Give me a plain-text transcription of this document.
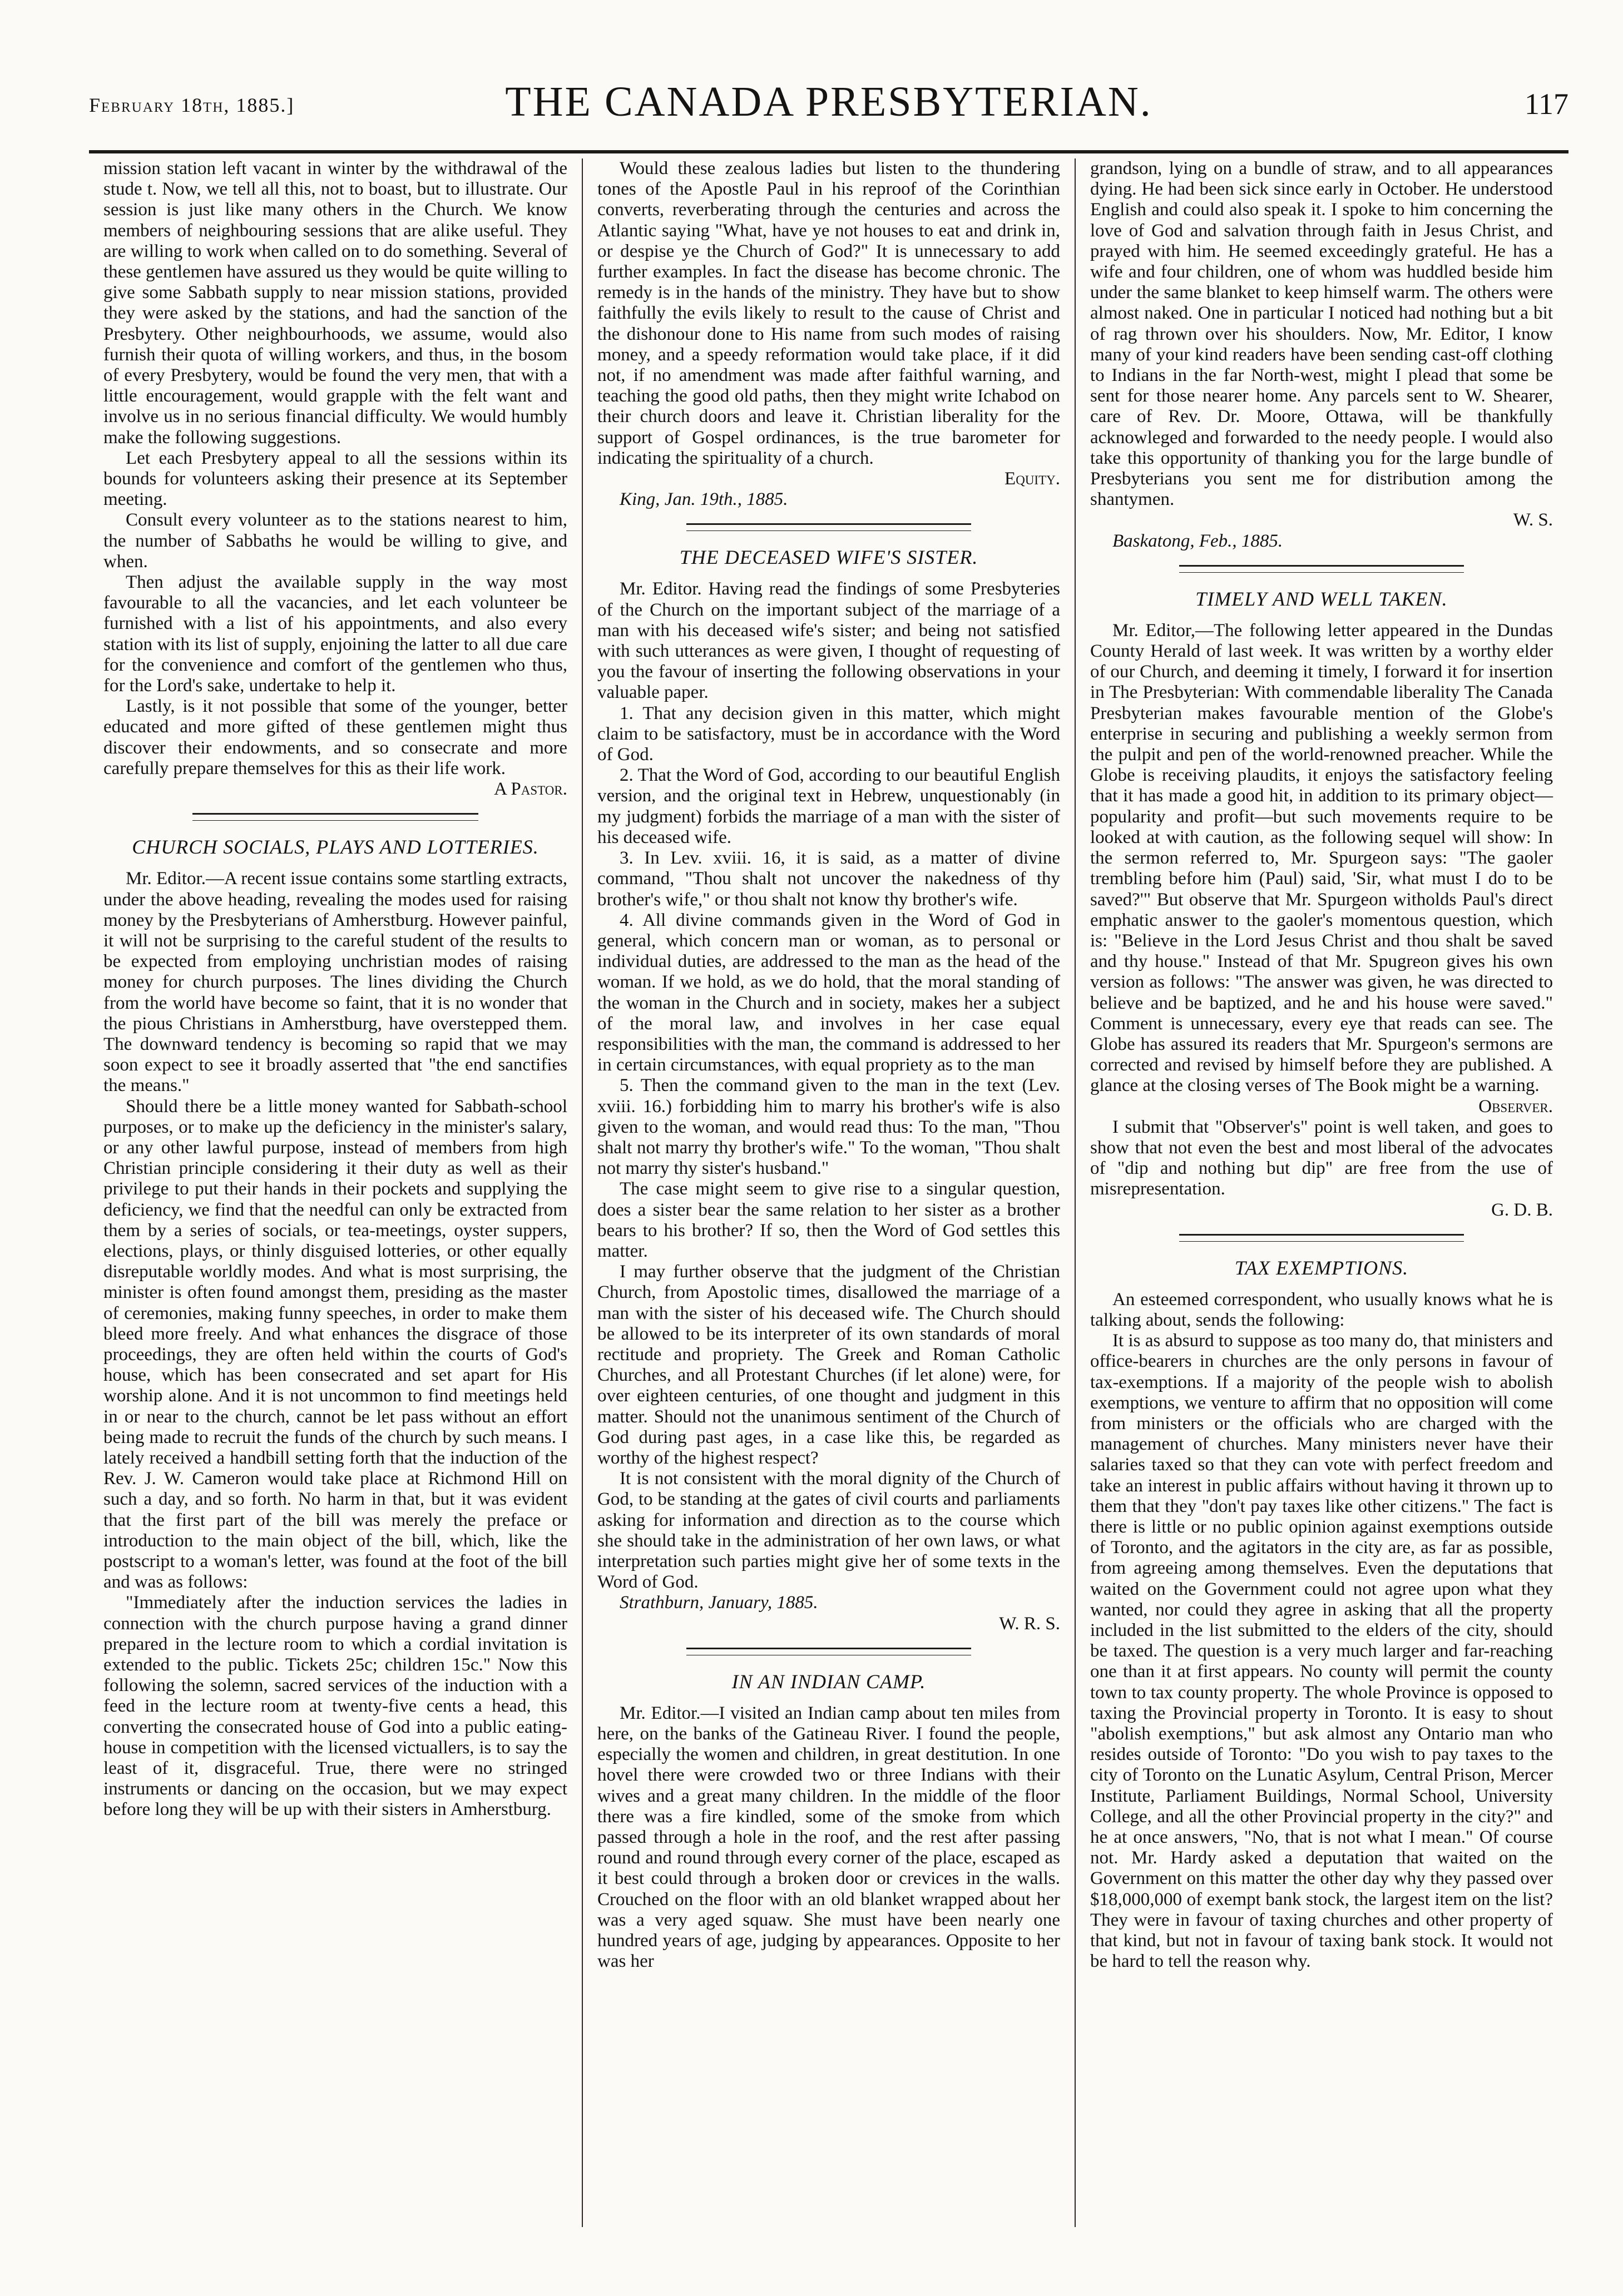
February 18th, 1885.]	THE CANADA PRESBYTERIAN.	117

mission station left vacant in winter by the withdrawal of the stude t. Now, we tell all this, not to boast, but to illustrate. Our session is just like many others in the Church. We know members of neighbouring sessions that are alike useful. They are willing to work when called on to do something. Several of these gentlemen have assured us they would be quite willing to give some Sabbath supply to near mission stations, provided they were asked by the stations, and had the sanction of the Presbytery. Other neighbourhoods, we assume, would also furnish their quota of willing workers, and thus, in the bosom of every Presbytery, would be found the very men, that with a little encouragement, would grapple with the felt want and involve us in no serious financial difficulty. We would humbly make the following suggestions.

Let each Presbytery appeal to all the sessions within its bounds for volunteers asking their presence at its September meeting.

Consult every volunteer as to the stations nearest to him, the number of Sabbaths he would be willing to give, and when.

Then adjust the available supply in the way most favourable to all the vacancies, and let each volunteer be furnished with a list of his appointments, and also every station with its list of supply, enjoining the latter to all due care for the convenience and comfort of the gentlemen who thus, for the Lord's sake, undertake to help it.

Lastly, is it not possible that some of the younger, better educated and more gifted of these gentlemen might thus discover their endowments, and so consecrate and more carefully prepare themselves for this as their life work.

A Pastor.

CHURCH SOCIALS, PLAYS AND LOTTERIES.

Mr. Editor.—A recent issue contains some startling extracts, under the above heading, revealing the modes used for raising money by the Presbyterians of Amherstburg. However painful, it will not be surprising to the careful student of the results to be expected from employing unchristian modes of raising money for church purposes. The lines dividing the Church from the world have become so faint, that it is no wonder that the pious Christians in Amherstburg, have overstepped them. The downward tendency is becoming so rapid that we may soon expect to see it broadly asserted that "the end sanctifies the means."

Should there be a little money wanted for Sabbath-school purposes, or to make up the deficiency in the minister's salary, or any other lawful purpose, instead of members from high Christian principle considering it their duty as well as their privilege to put their hands in their pockets and supplying the deficiency, we find that the needful can only be extracted from them by a series of socials, or tea-meetings, oyster suppers, elections, plays, or thinly disguised lotteries, or other equally disreputable worldly modes. And what is most surprising, the minister is often found amongst them, presiding as the master of ceremonies, making funny speeches, in order to make them bleed more freely. And what enhances the disgrace of those proceedings, they are often held within the courts of God's house, which has been consecrated and set apart for His worship alone. And it is not uncommon to find meetings held in or near to the church, cannot be let pass without an effort being made to recruit the funds of the church by such means. I lately received a handbill setting forth that the induction of the Rev. J. W. Cameron would take place at Richmond Hill on such a day, and so forth. No harm in that, but it was evident that the first part of the bill was merely the preface or introduction to the main object of the bill, which, like the postscript to a woman's letter, was found at the foot of the bill and was as follows:

"Immediately after the induction services the ladies in connection with the church purpose having a grand dinner prepared in the lecture room to which a cordial invitation is extended to the public. Tickets 25c; children 15c." Now this following the solemn, sacred services of the induction with a feed in the lecture room at twenty-five cents a head, this converting the consecrated house of God into a public eating-house in competition with the licensed victuallers, is to say the least of it, disgraceful. True, there were no stringed instruments or dancing on the occasion, but we may expect before long they will be up with their sisters in Amherstburg.

Would these zealous ladies but listen to the thundering tones of the Apostle Paul in his reproof of the Corinthian converts, reverberating through the centuries and across the Atlantic saying "What, have ye not houses to eat and drink in, or despise ye the Church of God?" It is unnecessary to add further examples. In fact the disease has become chronic. The remedy is in the hands of the ministry. They have but to show faithfully the evils likely to result to the cause of Christ and the dishonour done to His name from such modes of raising money, and a speedy reformation would take place, if it did not, if no amendment was made after faithful warning, and teaching the good old paths, then they might write Ichabod on their church doors and leave it. Christian liberality for the support of Gospel ordinances, is the true barometer for indicating the spirituality of a church.

Equity.

King, Jan. 19th., 1885.

THE DECEASED WIFE'S SISTER.

Mr. Editor. Having read the findings of some Presbyteries of the Church on the important subject of the marriage of a man with his deceased wife's sister; and being not satisfied with such utterances as were given, I thought of requesting of you the favour of inserting the following observations in your valuable paper.

1. That any decision given in this matter, which might claim to be satisfactory, must be in accordance with the Word of God.

2. That the Word of God, according to our beautiful English version, and the original text in Hebrew, unquestionably (in my judgment) forbids the marriage of a man with the sister of his deceased wife.

3. In Lev. xviii. 16, it is said, as a matter of divine command, "Thou shalt not uncover the nakedness of thy brother's wife," or thou shalt not know thy brother's wife.

4. All divine commands given in the Word of God in general, which concern man or woman, as to personal or individual duties, are addressed to the man as the head of the woman. If we hold, as we do hold, that the moral standing of the woman in the Church and in society, makes her a subject of the moral law, and involves in her case equal responsibilities with the man, the command is addressed to her in certain circumstances, with equal propriety as to the man

5. Then the command given to the man in the text (Lev. xviii. 16.) forbidding him to marry his brother's wife is also given to the woman, and would read thus: To the man, "Thou shalt not marry thy brother's wife." To the woman, "Thou shalt not marry thy sister's husband."

The case might seem to give rise to a singular question, does a sister bear the same relation to her sister as a brother bears to his brother? If so, then the Word of God settles this matter.

I may further observe that the judgment of the Christian Church, from Apostolic times, disallowed the marriage of a man with the sister of his deceased wife. The Church should be allowed to be its interpreter of its own standards of moral rectitude and propriety. The Greek and Roman Catholic Churches, and all Protestant Churches (if let alone) were, for over eighteen centuries, of one thought and judgment in this matter. Should not the unanimous sentiment of the Church of God during past ages, in a case like this, be regarded as worthy of the highest respect?

It is not consistent with the moral dignity of the Church of God, to be standing at the gates of civil courts and parliaments asking for information and direction as to the course which she should take in the administration of her own laws, or what interpretation such parties might give her of some texts in the Word of God.

Strathburn, January, 1885.

W. R. S.

IN AN INDIAN CAMP.

Mr. Editor.—I visited an Indian camp about ten miles from here, on the banks of the Gatineau River. I found the people, especially the women and children, in great destitution. In one hovel there were crowded two or three Indians with their wives and a great many children. In the middle of the floor there was a fire kindled, some of the smoke from which passed through a hole in the roof, and the rest after passing round and round through every corner of the place, escaped as it best could through a broken door or crevices in the walls. Crouched on the floor with an old blanket wrapped about her was a very aged squaw. She must have been nearly one hundred years of age, judging by appearances. Opposite to her was her

grandson, lying on a bundle of straw, and to all appearances dying. He had been sick since early in October. He understood English and could also speak it. I spoke to him concerning the love of God and salvation through faith in Jesus Christ, and prayed with him. He seemed exceedingly grateful. He has a wife and four children, one of whom was huddled beside him under the same blanket to keep himself warm. The others were almost naked. One in particular I noticed had nothing but a bit of rag thrown over his shoulders. Now, Mr. Editor, I know many of your kind readers have been sending cast-off clothing to Indians in the far North-west, might I plead that some be sent for those nearer home. Any parcels sent to W. Shearer, care of Rev. Dr. Moore, Ottawa, will be thankfully acknowleged and forwarded to the needy people. I would also take this opportunity of thanking you for the large bundle of Presbyterians you sent me for distribution among the shantymen.

W. S.

Baskatong, Feb., 1885.

TIMELY AND WELL TAKEN.

Mr. Editor,—The following letter appeared in the Dundas County Herald of last week. It was written by a worthy elder of our Church, and deeming it timely, I forward it for insertion in The Presbyterian: With commendable liberality The Canada Presbyterian makes favourable mention of the Globe's enterprise in securing and publishing a weekly sermon from the pulpit and pen of the world-renowned preacher. While the Globe is receiving plaudits, it enjoys the satisfactory feeling that it has made a good hit, in addition to its primary object—popularity and profit—but such movements require to be looked at with caution, as the following sequel will show: In the sermon referred to, Mr. Spurgeon says: "The gaoler trembling before him (Paul) said, 'Sir, what must I do to be saved?'" But observe that Mr. Spurgeon witholds Paul's direct emphatic answer to the gaoler's momentous question, which is: "Believe in the Lord Jesus Christ and thou shalt be saved and thy house." Instead of that Mr. Spugreon gives his own version as follows: "The answer was given, he was directed to believe and be baptized, and he and his house were saved." Comment is unnecessary, every eye that reads can see. The Globe has assured its readers that Mr. Spurgeon's sermons are corrected and revised by himself before they are published. A glance at the closing verses of The Book might be a warning.

Observer.

I submit that "Observer's" point is well taken, and goes to show that not even the best and most liberal of the advocates of "dip and nothing but dip" are free from the use of misrepresentation.

G. D. B.

TAX EXEMPTIONS.

An esteemed correspondent, who usually knows what he is talking about, sends the following:

It is as absurd to suppose as too many do, that ministers and office-bearers in churches are the only persons in favour of tax-exemptions. If a majority of the people wish to abolish exemptions, we venture to affirm that no opposition will come from ministers or the officials who are charged with the management of churches. Many ministers never have their salaries taxed so that they can vote with perfect freedom and take an interest in public affairs without having it thrown up to them that they "don't pay taxes like other citizens." The fact is there is little or no public opinion against exemptions outside of Toronto, and the agitators in the city are, as far as possible, from agreeing among themselves. Even the deputations that waited on the Government could not agree upon what they wanted, nor could they agree in asking that all the property included in the list submitted to the elders of the city, should be taxed. The question is a very much larger and far-reaching one than it at first appears. No county will permit the county town to tax county property. The whole Province is opposed to taxing the Provincial property in Toronto. It is easy to shout "abolish exemptions," but ask almost any Ontario man who resides outside of Toronto: "Do you wish to pay taxes to the city of Toronto on the Lunatic Asylum, Central Prison, Mercer Institute, Parliament Buildings, Normal School, University College, and all the other Provincial property in the city?" and he at once answers, "No, that is not what I mean." Of course not. Mr. Hardy asked a deputation that waited on the Government on this matter the other day why they passed over $18,000,000 of exempt bank stock, the largest item on the list? They were in favour of taxing churches and other property of that kind, but not in favour of taxing bank stock. It would not be hard to tell the reason why.
